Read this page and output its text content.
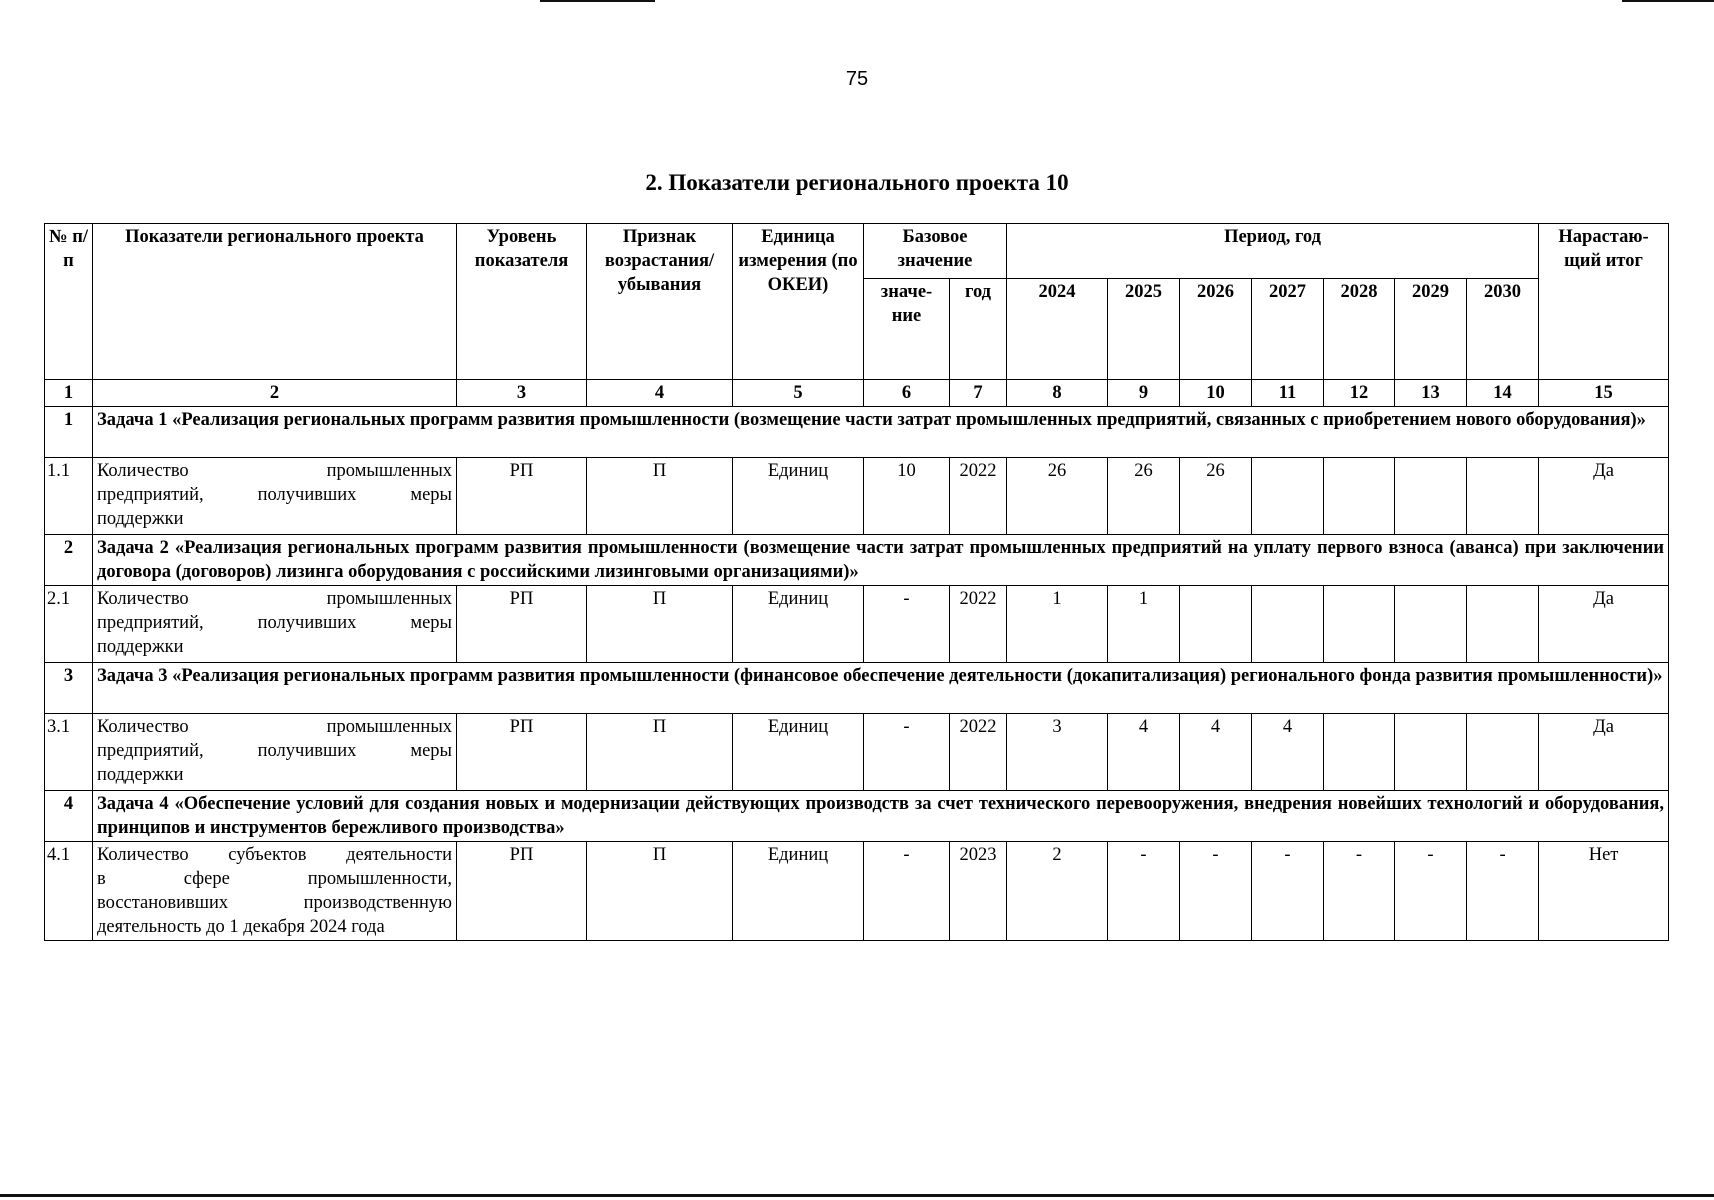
75
2. Показатели регионального проекта 10
№ п/п	Показатели регионального проекта	Уровень показателя	Признак возрастания/ убывания	Единица измерения (по ОКЕИ)	Базовое значение		Период, год							Нарастаю-щий итог
					значе-ние	год	2024	2025	2026	2027	2028	2029	2030	
1	2	3	4	5	6	7	8	9	10	11	12	13	14	15
1	Задача 1 «Реализация региональных программ развития промышленности (возмещение части затрат промышленных предприятий, связанных с приобретением нового оборудования)»													
1.1	Количество промышленных
предприятий, получивших меры
поддержки	РП	П	Единиц	10	2022	26	26	26					Да
2	Задача 2 «Реализация региональных программ развития промышленности (возмещение части затрат промышленных предприятий на уплату первого взноса (аванса) при заключении договора (договоров) лизинга оборудования с российскими лизинговыми организациями)»													
2.1	Количество промышленных
предприятий, получивших меры
поддержки	РП	П	Единиц	-	2022	1	1						Да
3	Задача 3 «Реализация региональных программ развития промышленности (финансовое обеспечение деятельности (докапитализация) регионального фонда развития промышленности)»													
3.1	Количество промышленных
предприятий, получивших меры
поддержки	РП	П	Единиц	-	2022	3	4	4	4				Да
4	Задача 4 «Обеспечение условий для создания новых и модернизации действующих производств за счет технического перевооружения, внедрения новейших технологий и оборудования, принципов и инструментов бережливого производства»													
4.1	Количество субъектов деятельности
в сфере промышленности,
восстановивших производственную
деятельность до 1 декабря 2024 года	РП	П	Единиц	-	2023	2	-	-	-	-	-	-	Нет
